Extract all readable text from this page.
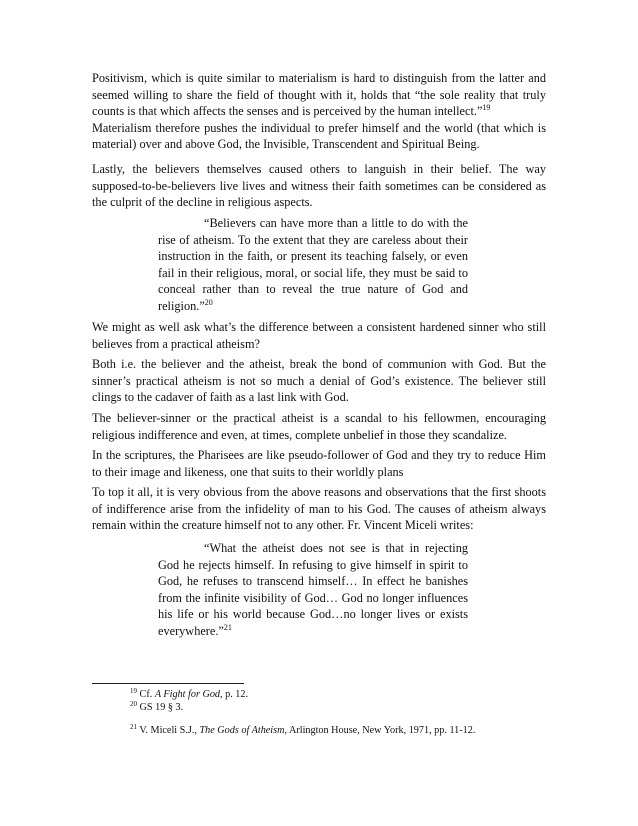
Positivism, which is quite similar to materialism is hard to distinguish from the latter and seemed willing to share the field of thought with it, holds that “the sole reality that truly counts is that which affects the senses and is perceived by the human intellect.”$^{19}$
Materialism therefore pushes the individual to prefer himself and the world (that which is material) over and above God, the Invisible, Transcendent and Spiritual Being.

Lastly, the believers themselves caused others to languish in their belief. The way supposed-to-be-believers live lives and witness their faith sometimes can be considered as the culprit of the decline in religious aspects.

“Believers can have more than a little to do with the rise of atheism. To the extent that they are careless about their instruction in the faith, or present its teaching falsely, or even fail in their religious, moral, or social life, they must be said to conceal rather than to reveal the true nature of God and religion.”$^{20}$

We might as well ask what’s the difference between a consistent hardened sinner who still believes from a practical atheism?

Both i.e. the believer and the atheist, break the bond of communion with God. But the sinner’s practical atheism is not so much a denial of God’s existence. The believer still clings to the cadaver of faith as a last link with God.

The believer-sinner or the practical atheist is a scandal to his fellowmen, encouraging religious indifference and even, at times, complete unbelief in those they scandalize.

In the scriptures, the Pharisees are like pseudo-follower of God and they try to reduce Him to their image and likeness, one that suits to their worldly plans

To top it all, it is very obvious from the above reasons and observations that the first shoots of indifference arise from the infidelity of man to his God. The causes of atheism always remain within the creature himself not to any other. Fr. Vincent Miceli writes:

“What the atheist does not see is that in rejecting God he rejects himself. In refusing to give himself in spirit to God, he refuses to transcend himself… In effect he banishes from the infinite visibility of God… God no longer influences his life or his world because God…no longer lives or exists everywhere.”$^{21}$

$^{19}$ Cf. A Fight for God, p. 12.

$^{20}$ GS 19 § 3.

$^{21}$ V. Miceli S.J., The Gods of Atheism, Arlington House, New York, 1971, pp. 11-12.
